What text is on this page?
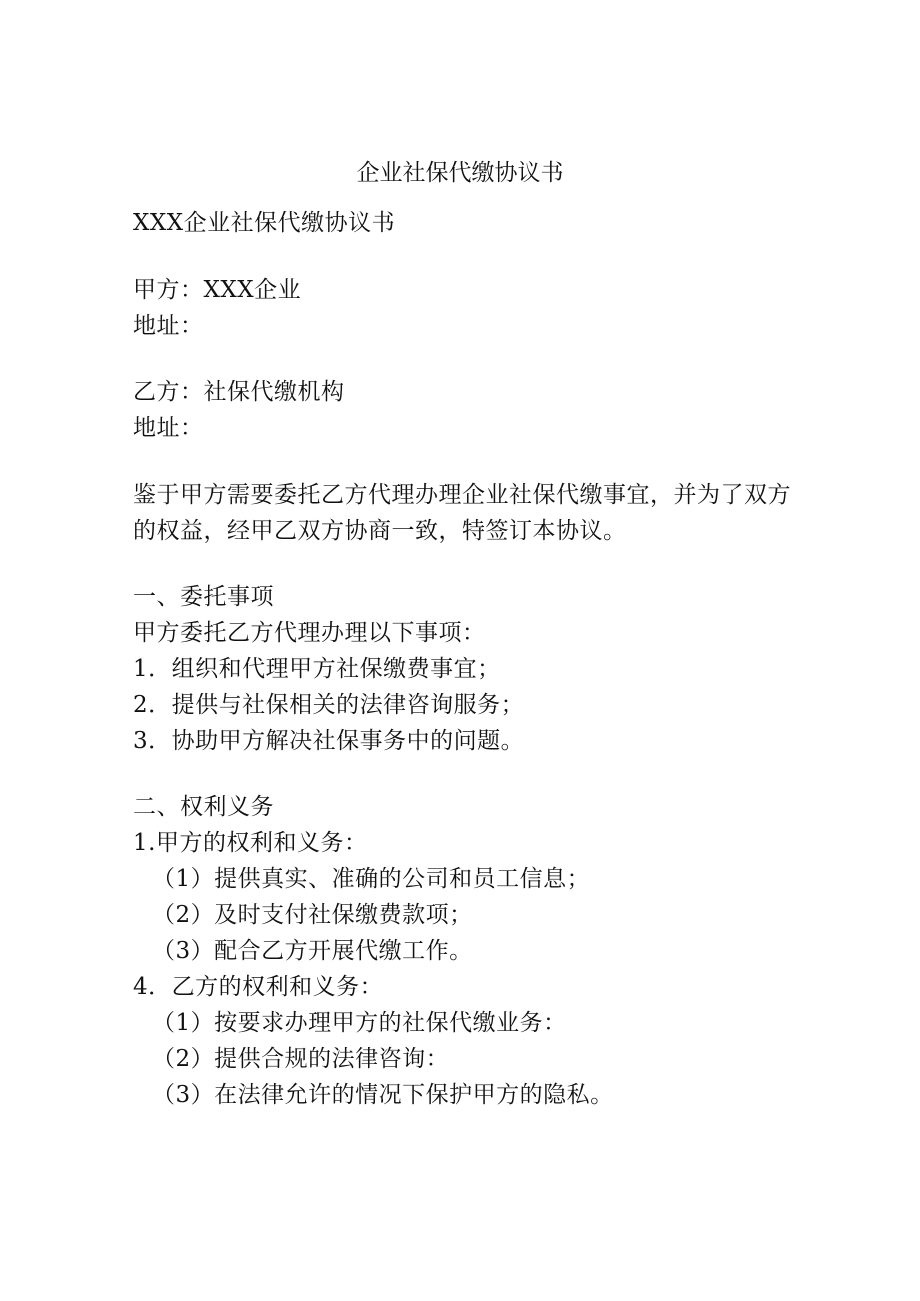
企业社保代缴协议书
XXX企业社保代缴协议书
甲方：XXX企业
地址：
乙方：社保代缴机构
地址：
鉴于甲方需要委托乙方代理办理企业社保代缴事宜，并为了双方
的权益，经甲乙双方协商一致，特签订本协议。
一、委托事项
甲方委托乙方代理办理以下事项：
1．组织和代理甲方社保缴费事宜；
2．提供与社保相关的法律咨询服务；
3．协助甲方解决社保事务中的问题。
二、权利义务
1.甲方的权利和义务：
（1）提供真实、准确的公司和员工信息；
（2）及时支付社保缴费款项；
（3）配合乙方开展代缴工作。
4．乙方的权利和义务：
（1）按要求办理甲方的社保代缴业务：
（2）提供合规的法律咨询：
（3）在法律允许的情况下保护甲方的隐私。
